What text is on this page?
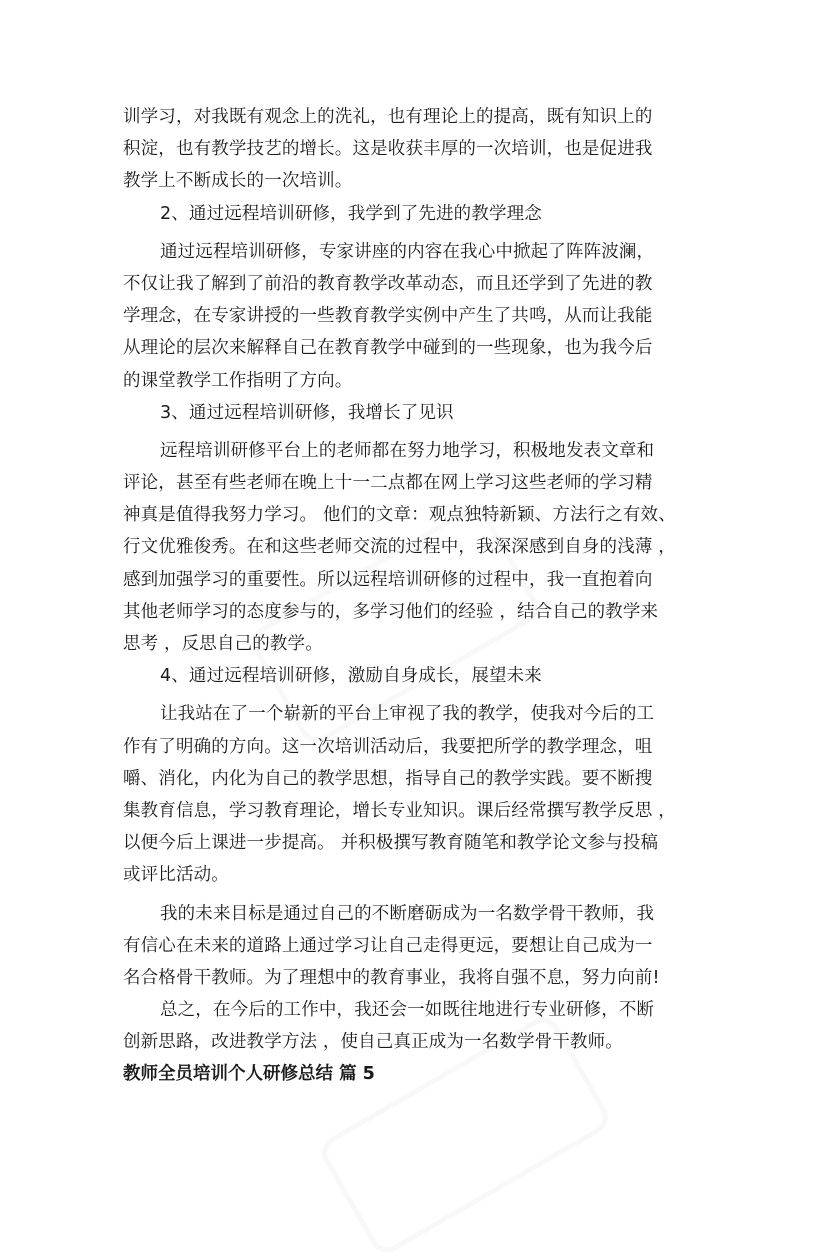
训学习，对我既有观念上的洗礼，也有理论上的提高，既有知识上的
积淀，也有教学技艺的增长。这是收获丰厚的一次培训，也是促进我
教学上不断成长的一次培训。
2、通过远程培训研修，我学到了先进的教学理念
通过远程培训研修，专家讲座的内容在我心中掀起了阵阵波澜，
不仅让我了解到了前沿的教育教学改革动态，而且还学到了先进的教
学理念，在专家讲授的一些教育教学实例中产生了共鸣，从而让我能
从理论的层次来解释自己在教育教学中碰到的一些现象，也为我今后
的课堂教学工作指明了方向。
3、通过远程培训研修，我增长了见识
远程培训研修平台上的老师都在努力地学习，积极地发表文章和
评论，甚至有些老师在晚上十一二点都在网上学习这些老师的学习精
神真是值得我努力学习。 他们的文章：观点独特新颖、方法行之有效、
行文优雅俊秀。在和这些老师交流的过程中，我深深感到自身的浅薄 ，
感到加强学习的重要性。所以远程培训研修的过程中，我一直抱着向
其他老师学习的态度参与的，多学习他们的经验 ，结合自己的教学来
思考 ，反思自己的教学。
4、通过远程培训研修，激励自身成长，展望未来
让我站在了一个崭新的平台上审视了我的教学，使我对今后的工
作有了明确的方向。这一次培训活动后，我要把所学的教学理念，咀
嚼、消化，内化为自己的教学思想，指导自己的教学实践。要不断搜
集教育信息，学习教育理论，增长专业知识。课后经常撰写教学反思 ，
以便今后上课进一步提高。 并积极撰写教育随笔和教学论文参与投稿
或评比活动。
我的未来目标是通过自己的不断磨砺成为一名数学骨干教师，我
有信心在未来的道路上通过学习让自己走得更远，要想让自己成为一
名合格骨干教师。为了理想中的教育事业，我将自强不息，努力向前!
总之，在今后的工作中，我还会一如既往地进行专业研修，不断
创新思路，改进教学方法 ，使自己真正成为一名数学骨干教师。
教师全员培训个人研修总结 篇 5
